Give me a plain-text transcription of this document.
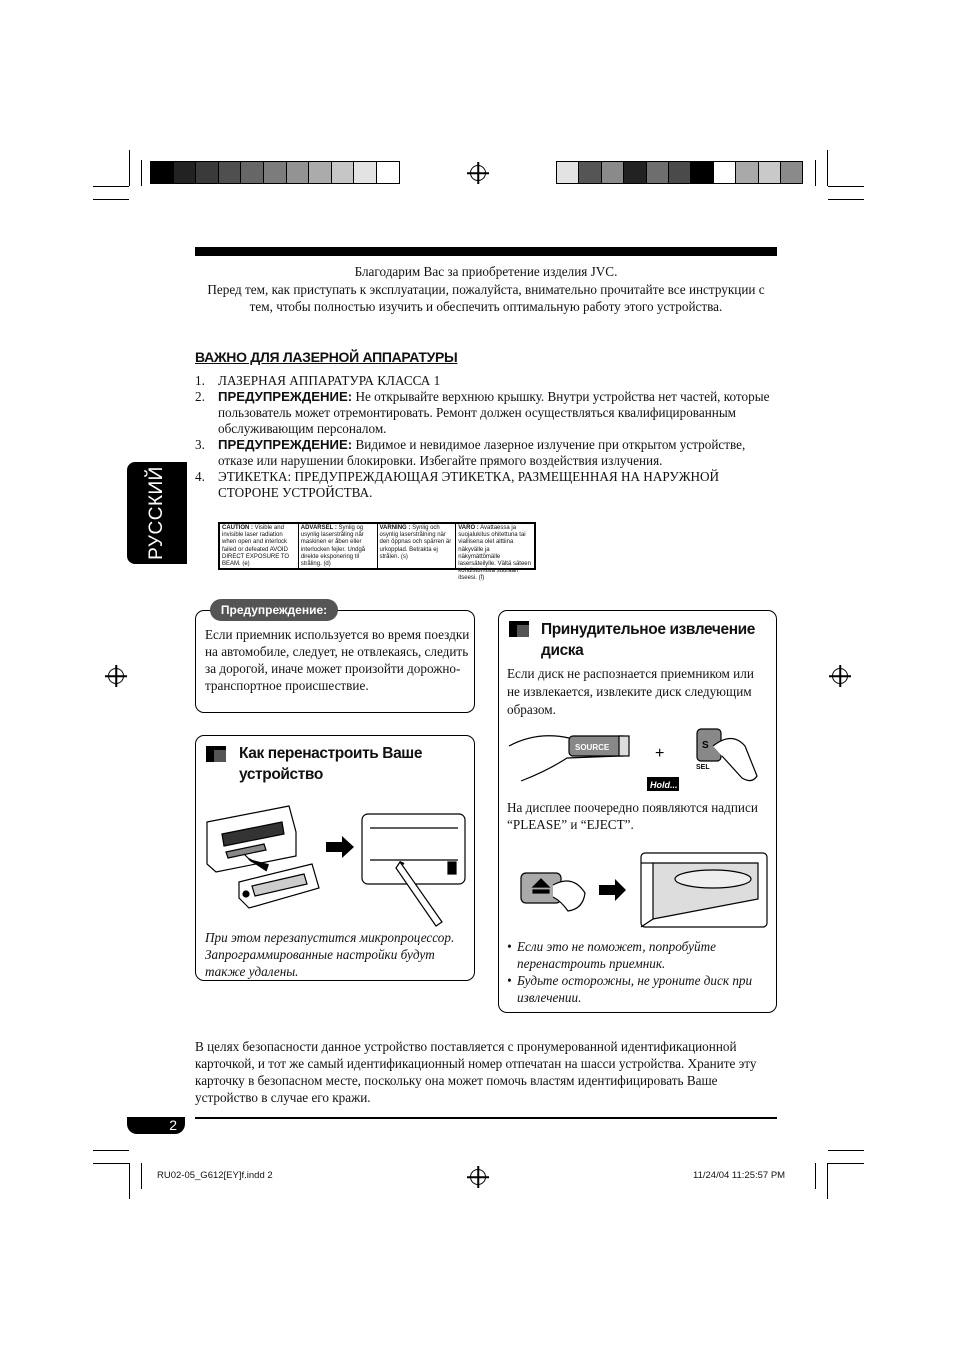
Благодарим Вас за приобретение изделия JVC.

Перед тем, как приступать к эксплуатации, пожалуйста, внимательно прочитайте все инструкции с тем, чтобы полностью изучить и обеспечить оптимальную работу этого устройства.

ВАЖНО ДЛЯ ЛАЗЕРНОЙ АППАРАТУРЫ
1. ЛАЗЕРНАЯ АППАРАТУРА КЛАССА 1
2. ПРЕДУПРЕЖДЕНИЕ: Не открывайте верхнюю крышку. Внутри устройства нет частей, которые пользователь может отремонтировать. Ремонт должен осуществляться квалифицированным обслуживающим персоналом.
3. ПРЕДУПРЕЖДЕНИЕ: Видимое и невидимое лазерное излучение при открытом устройстве, отказе или нарушении блокировки. Избегайте прямого воздействия излучения.
4. ЭТИКЕТКА: ПРЕДУПРЕЖДАЮЩАЯ ЭТИКЕТКА, РАЗМЕЩЕННАЯ НА НАРУЖНОЙ СТОРОНЕ УСТРОЙСТВА.
CAUTION : Visible and invisible laser radiation when open and interlock failed or defeated AVOID DIRECT EXPOSURE TO BEAM. (e)
ADVARSEL : Synlig og usynlig laserstråling når maskinen er åben eller interlocken fejler. Undgå direkte eksponering til stråling. (d)
VARNING : Synlig och osynlig laserstrålning när den öppnas och spärren är urkopplad. Betrakta ej strålen. (s)
VARO : Avattaessa ja suojalukitus ohitettuna tai viallisena olet alttiina näkyvälle ja näkymättömälle lasersäteilylle. Vältä säteen kohdistumista suoraan itseesi. (f)
РУССКИЙ
Если приемник используется во время поездки на автомобиле, следует, не отвлекаясь, следить за дорогой, иначе может произойти дорожно-транспортное происшествие.
Предупреждение:
Как перенастроить Ваше
устройство
При этом перезапустится микропроцессор. Запрограммированные настройки будут также удалены.
Принудительное извлечение
диска
Если диск не распознается приемником или не извлекается, извлеките диск следующим образом.
SOURCE	+	S
SEL
Hold...
На дисплее поочередно появляются надписи “PLEASE” и “EJECT”.
• Если это не поможет, попробуйте перенастроить приемник.
• Будьте осторожны, не уроните диск при извлечении.
В целях безопасности данное устройство поставляется с пронумерованной идентификационной карточкой, и тот же самый идентификационный номер отпечатан на шасси устройства. Храните эту карточку в безопасном месте, поскольку она может помочь властям идентифицировать Ваше устройство в случае его кражи.
2
RU02-05_G612[EY]f.indd 2	11/24/04 11:25:57 PM
